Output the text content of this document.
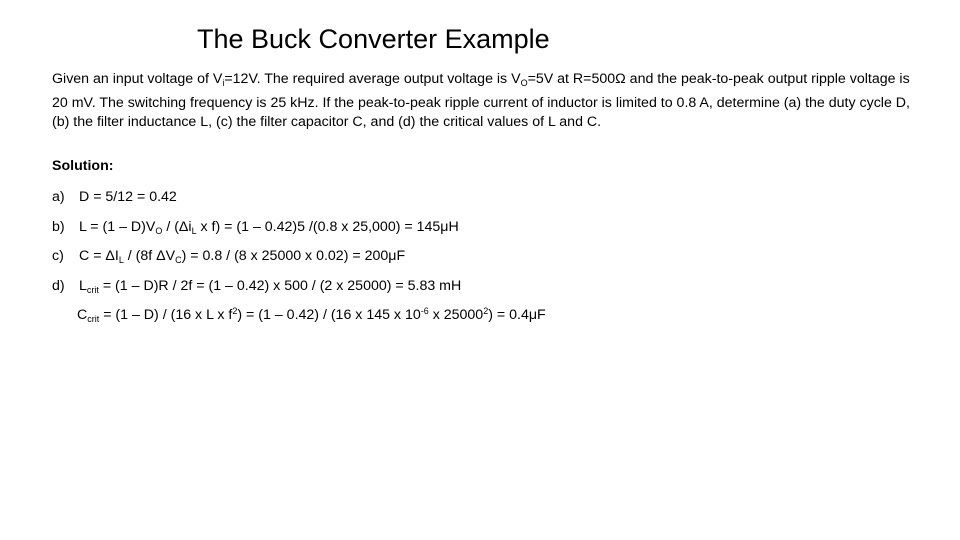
The Buck Converter Example

Given an input voltage of $V_i=12V$. The required average output voltage is $V_O=5V$ at R=500Ω and the peak-to-peak output ripple voltage is 20 mV. The switching frequency is 25 kHz. If the peak-to-peak ripple current of inductor is limited to 0.8 A, determine (a) the duty cycle D, (b) the filter inductance L, (c) the filter capacitor C, and (d) the critical values of L and C.

Solution:

a) D = 5/12 = 0.42
b) $L = (1 - D)V_O / (\Delta i_L$ x f) = (1 – 0.42)5 /(0.8 x 25,000) = 145μH
c) $C = \Delta I_L / (8f$ $\Delta V_C) = 0.8 / (8$ x 25000 x 0.02) = 200μF
d) $L_{crit} = (1 - D)R / 2f = (1 - 0.42)$ x 500 / (2 x 25000) = 5.83 mH
$C_{crit} = (1 - D) / (16$ x L x $f^2) = (1 - 0.42) / (16$ x 145 x $10^{-6}$ x $25000^2) = 0.4\mu F$
